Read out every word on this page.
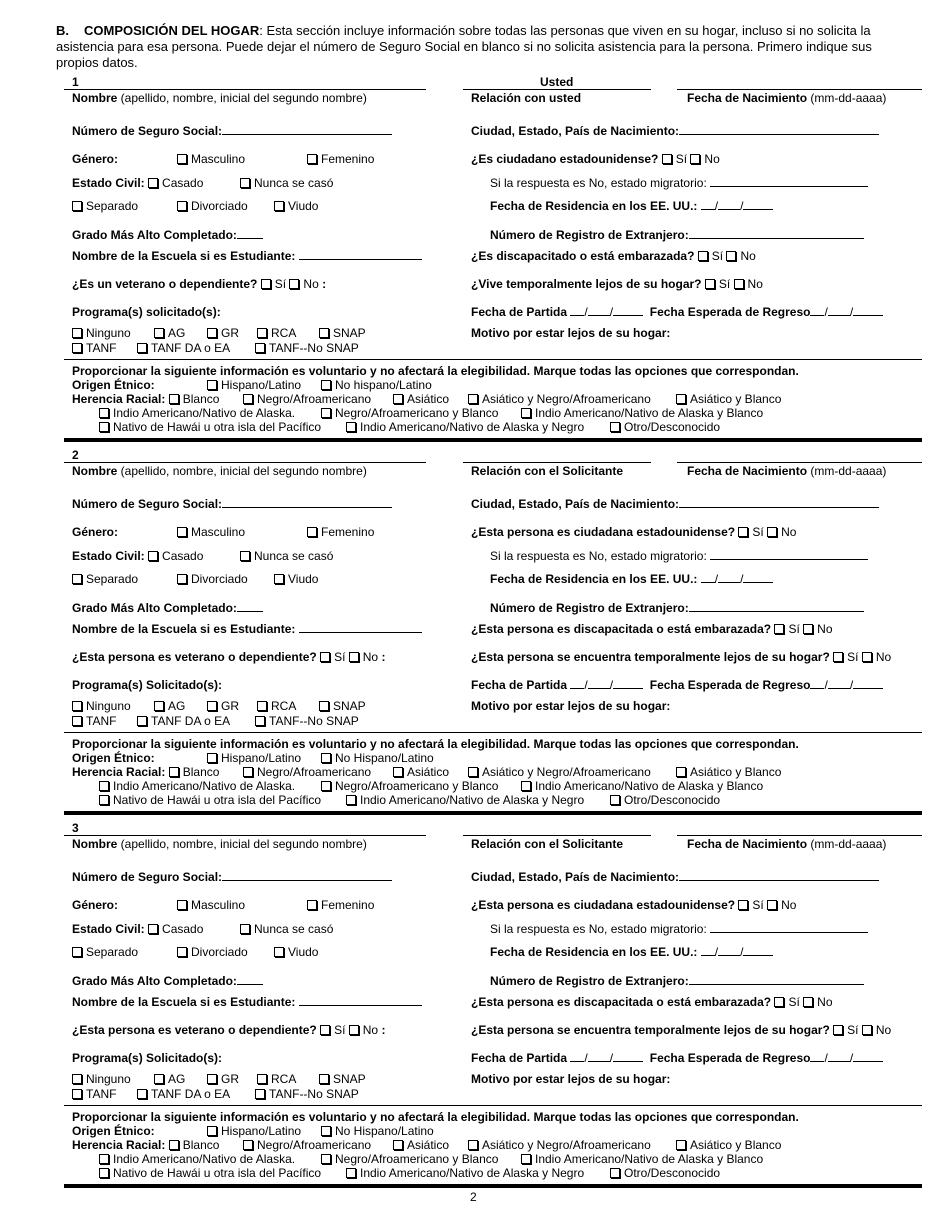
B. COMPOSICIÓN DEL HOGAR: Esta sección incluye información sobre todas las personas que viven en su hogar, incluso si no solicita la asistencia para esa persona. Puede dejar el número de Seguro Social en blanco si no solicita asistencia para la persona. Primero indique sus propios datos.
1	Usted
Nombre (apellido, nombre, inicial del segundo nombre)	Relación con usted	Fecha de Nacimiento (mm-dd-aaaa)
Número de Seguro Social:	Ciudad, Estado, País de Nacimiento:
Género:	Masculino	Femenino	¿Es ciudadano estadounidense? Sí No
Estado Civil: Casado	Nunca se casó	Si la respuesta es No, estado migratorio:
Separado	Divorciado	Viudo	Fecha de Residencia en los EE. UU.: / /
Grado Más Alto Completado:	Número de Registro de Extranjero:
Nombre de la Escuela si es Estudiante:	¿Es discapacitado o está embarazada? Sí No
¿Es un veterano o dependiente? Sí No :	¿Vive temporalmente lejos de su hogar? Sí No
Programa(s) solicitado(s):	Fecha de Partida / /	Fecha Esperada de Regreso / /
Ninguno	AG	GR	RCA	SNAP	Motivo por estar lejos de su hogar:
TANF	TANF DA o EA	TANF--No SNAP
Proporcionar la siguiente información es voluntario y no afectará la elegibilidad. Marque todas las opciones que correspondan.
Origen Étnico:	Hispano/Latino	No hispano/Latino
Herencia Racial: Blanco	Negro/Afroamericano	Asiático	Asiático y Negro/Afroamericano	Asiático y Blanco
Indio Americano/Nativo de Alaska.	Negro/Afroamericano y Blanco	Indio Americano/Nativo de Alaska y Blanco
Nativo de Hawái u otra isla del Pacífico	Indio Americano/Nativo de Alaska y Negro	Otro/Desconocido
2
Nombre (apellido, nombre, inicial del segundo nombre)	Relación con el Solicitante	Fecha de Nacimiento (mm-dd-aaaa)
Número de Seguro Social:	Ciudad, Estado, País de Nacimiento:
Género:	Masculino	Femenino	¿Esta persona es ciudadana estadounidense? Sí No
Estado Civil: Casado	Nunca se casó	Si la respuesta es No, estado migratorio:
Separado	Divorciado	Viudo	Fecha de Residencia en los EE. UU.: / /
Grado Más Alto Completado:	Número de Registro de Extranjero:
Nombre de la Escuela si es Estudiante:	¿Esta persona es discapacitada o está embarazada? Sí No
¿Esta persona es veterano o dependiente? Sí No :	¿Esta persona se encuentra temporalmente lejos de su hogar? Sí No
Programa(s) Solicitado(s):	Fecha de Partida / /	Fecha Esperada de Regreso / /
Ninguno	AG	GR	RCA	SNAP	Motivo por estar lejos de su hogar:
TANF	TANF DA o EA	TANF--No SNAP
Proporcionar la siguiente información es voluntario y no afectará la elegibilidad. Marque todas las opciones que correspondan.
Origen Étnico:	Hispano/Latino	No Hispano/Latino
Herencia Racial: Blanco	Negro/Afroamericano	Asiático	Asiático y Negro/Afroamericano	Asiático y Blanco
Indio Americano/Nativo de Alaska.	Negro/Afroamericano y Blanco	Indio Americano/Nativo de Alaska y Blanco
Nativo de Hawái u otra isla del Pacífico	Indio Americano/Nativo de Alaska y Negro	Otro/Desconocido
3
Nombre (apellido, nombre, inicial del segundo nombre)	Relación con el Solicitante	Fecha de Nacimiento (mm-dd-aaaa)
Número de Seguro Social:	Ciudad, Estado, País de Nacimiento:
Género:	Masculino	Femenino	¿Esta persona es ciudadana estadounidense? Sí No
Estado Civil: Casado	Nunca se casó	Si la respuesta es No, estado migratorio:
Separado	Divorciado	Viudo	Fecha de Residencia en los EE. UU.: / /
Grado Más Alto Completado:	Número de Registro de Extranjero:
Nombre de la Escuela si es Estudiante:	¿Esta persona es discapacitada o está embarazada? Sí No
¿Esta persona es veterano o dependiente? Sí No :	¿Esta persona se encuentra temporalmente lejos de su hogar? Sí No
Programa(s) Solicitado(s):	Fecha de Partida / /	Fecha Esperada de Regreso / /
Ninguno	AG	GR	RCA	SNAP	Motivo por estar lejos de su hogar:
TANF	TANF DA o EA	TANF--No SNAP
Proporcionar la siguiente información es voluntario y no afectará la elegibilidad. Marque todas las opciones que correspondan.
Origen Étnico:	Hispano/Latino	No Hispano/Latino
Herencia Racial: Blanco	Negro/Afroamericano	Asiático	Asiático y Negro/Afroamericano	Asiático y Blanco
Indio Americano/Nativo de Alaska.	Negro/Afroamericano y Blanco	Indio Americano/Nativo de Alaska y Blanco
Nativo de Hawái u otra isla del Pacífico	Indio Americano/Nativo de Alaska y Negro	Otro/Desconocido
2
